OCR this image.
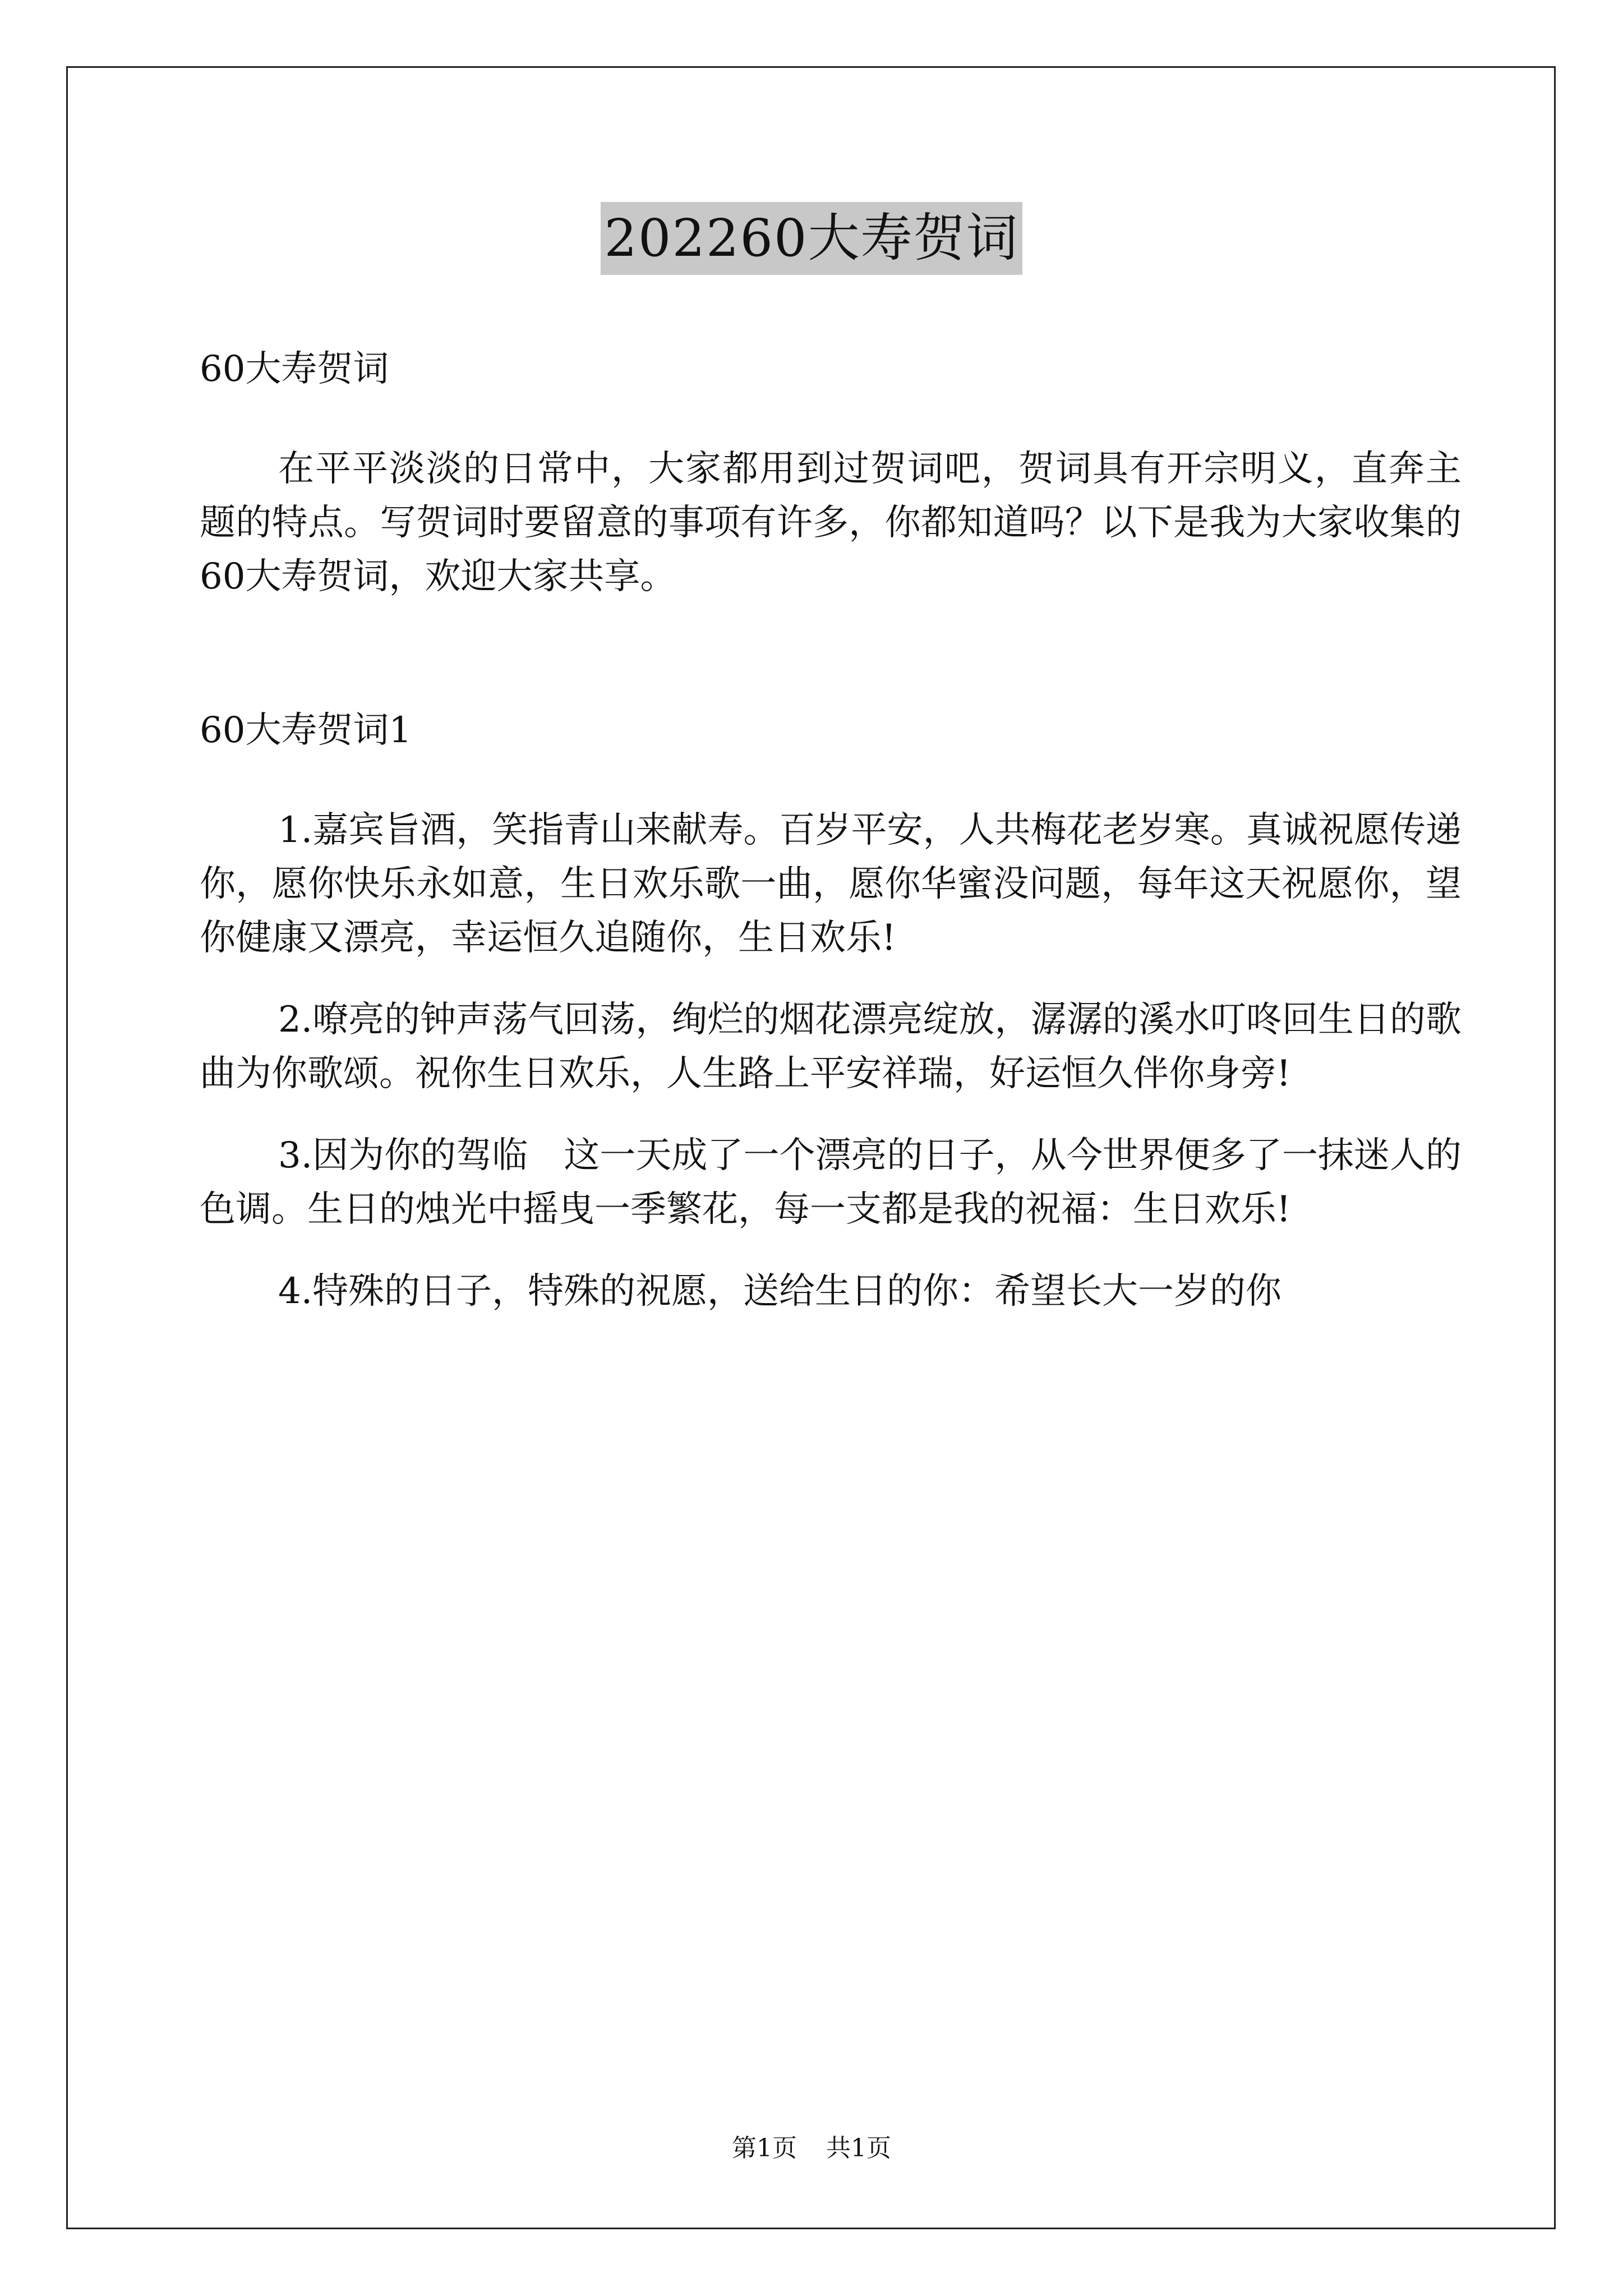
202260大寿贺词

60大寿贺词

在平平淡淡的日常中，大家都用到过贺词吧，贺词具有开宗明义，直奔主题的特点。写贺词时要留意的事项有许多，你都知道吗？以下是我为大家收集的60大寿贺词，欢迎大家共享。

60大寿贺词1

1.嘉宾旨酒，笑指青山来献寿。百岁平安，人共梅花老岁寒。真诚祝愿传递你，愿你快乐永如意，生日欢乐歌一曲，愿你华蜜没问题，每年这天祝愿你，望你健康又漂亮，幸运恒久追随你，生日欢乐!

2.嘹亮的钟声荡气回荡，绚烂的烟花漂亮绽放，潺潺的溪水叮咚回生日的歌曲为你歌颂。祝你生日欢乐，人生路上平安祥瑞，好运恒久伴你身旁!

3.因为你的驾临　这一天成了一个漂亮的日子，从今世界便多了一抹迷人的色调。生日的烛光中摇曳一季繁花，每一支都是我的祝福：生日欢乐!

4.特殊的日子，特殊的祝愿，送给生日的你：希望长大一岁的你

第1页 共1页
